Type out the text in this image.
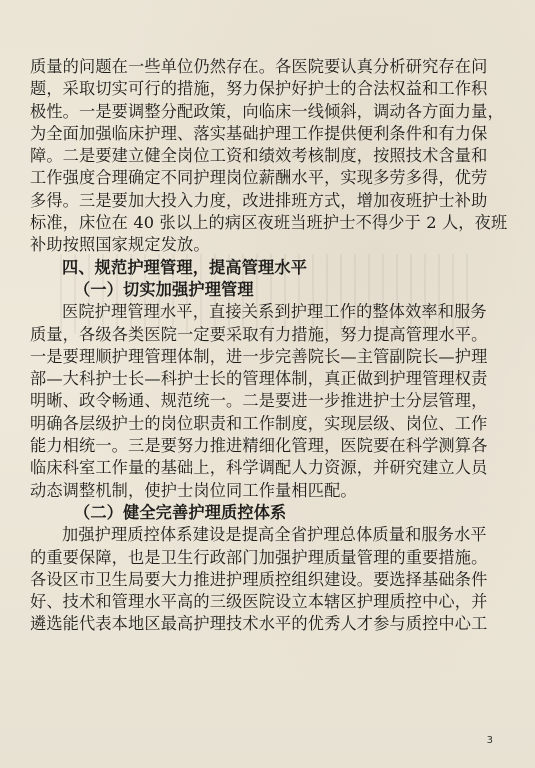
质量的问题在一些单位仍然存在。各医院要认真分析研究存在问
题，采取切实可行的措施，努力保护好护士的合法权益和工作积
极性。一是要调整分配政策，向临床一线倾斜，调动各方面力量，
为全面加强临床护理、落实基础护理工作提供便利条件和有力保
障。二是要建立健全岗位工资和绩效考核制度，按照技术含量和
工作强度合理确定不同护理岗位薪酬水平，实现多劳多得，优劳
多得。三是要加大投入力度，改进排班方式，增加夜班护士补助
标准，床位在 40 张以上的病区夜班当班护士不得少于 2 人，夜班
补助按照国家规定发放。
四、规范护理管理，提高管理水平
（一）切实加强护理管理
医院护理管理水平，直接关系到护理工作的整体效率和服务
质量，各级各类医院一定要采取有力措施，努力提高管理水平。
一是要理顺护理管理体制，进一步完善院长—主管副院长—护理
部—大科护士长—科护士长的管理体制，真正做到护理管理权责
明晰、政令畅通、规范统一。二是要进一步推进护士分层管理，
明确各层级护士的岗位职责和工作制度，实现层级、岗位、工作
能力相统一。三是要努力推进精细化管理，医院要在科学测算各
临床科室工作量的基础上，科学调配人力资源，并研究建立人员
动态调整机制，使护士岗位同工作量相匹配。
（二）健全完善护理质控体系
加强护理质控体系建设是提高全省护理总体质量和服务水平
的重要保障，也是卫生行政部门加强护理质量管理的重要措施。
各设区市卫生局要大力推进护理质控组织建设。要选择基础条件
好、技术和管理水平高的三级医院设立本辖区护理质控中心，并
遴选能代表本地区最高护理技术水平的优秀人才参与质控中心工
3
